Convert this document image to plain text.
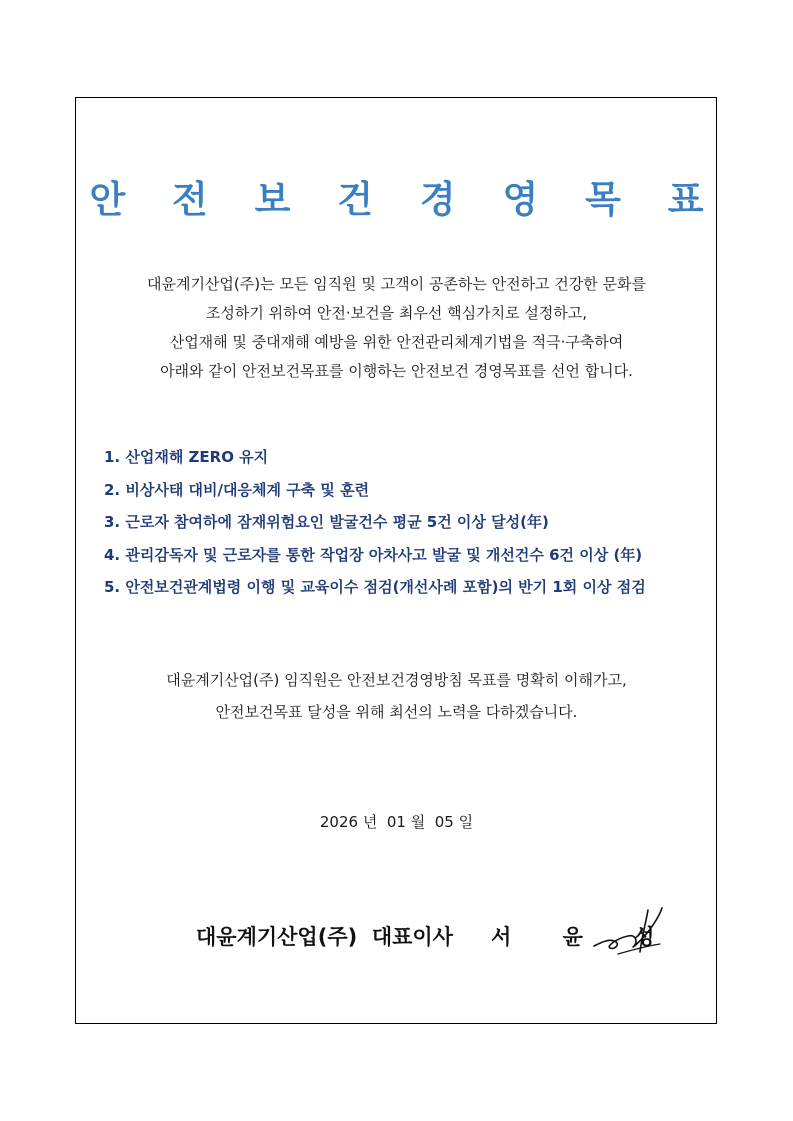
안 전 보 건 경 영 목 표
대윤계기산업(주)는 모든 임직원 및 고객이 공존하는 안전하고 건강한 문화를
조성하기 위하여 안전·보건을 최우선 핵심가치로 설정하고,
산업재해 및 중대재해 예방을 위한 안전관리체계기법을 적극·구축하여
아래와 같이 안전보건목표를 이행하는 안전보건 경영목표를 선언 합니다.
1. 산업재해 ZERO 유지
2. 비상사태 대비/대응체계 구축 및 훈련
3. 근로자 참여하에 잠재위험요인 발굴건수 평균 5건 이상 달성(年)
4. 관리감독자 및 근로자를 통한 작업장 아차사고 발굴 및 개선건수 6건 이상 (年)
5. 안전보건관계법령 이행 및 교육이수 점검(개선사례 포함)의 반기 1회 이상 점검
대윤계기산업(주) 임직원은 안전보건경영방침 목표를 명확히 이해가고,
안전보건목표 달성을 위해 최선의 노력을 다하겠습니다.
2026 년  01 월  05 일
대윤계기산업(주) 대표이사 서 윤 성
